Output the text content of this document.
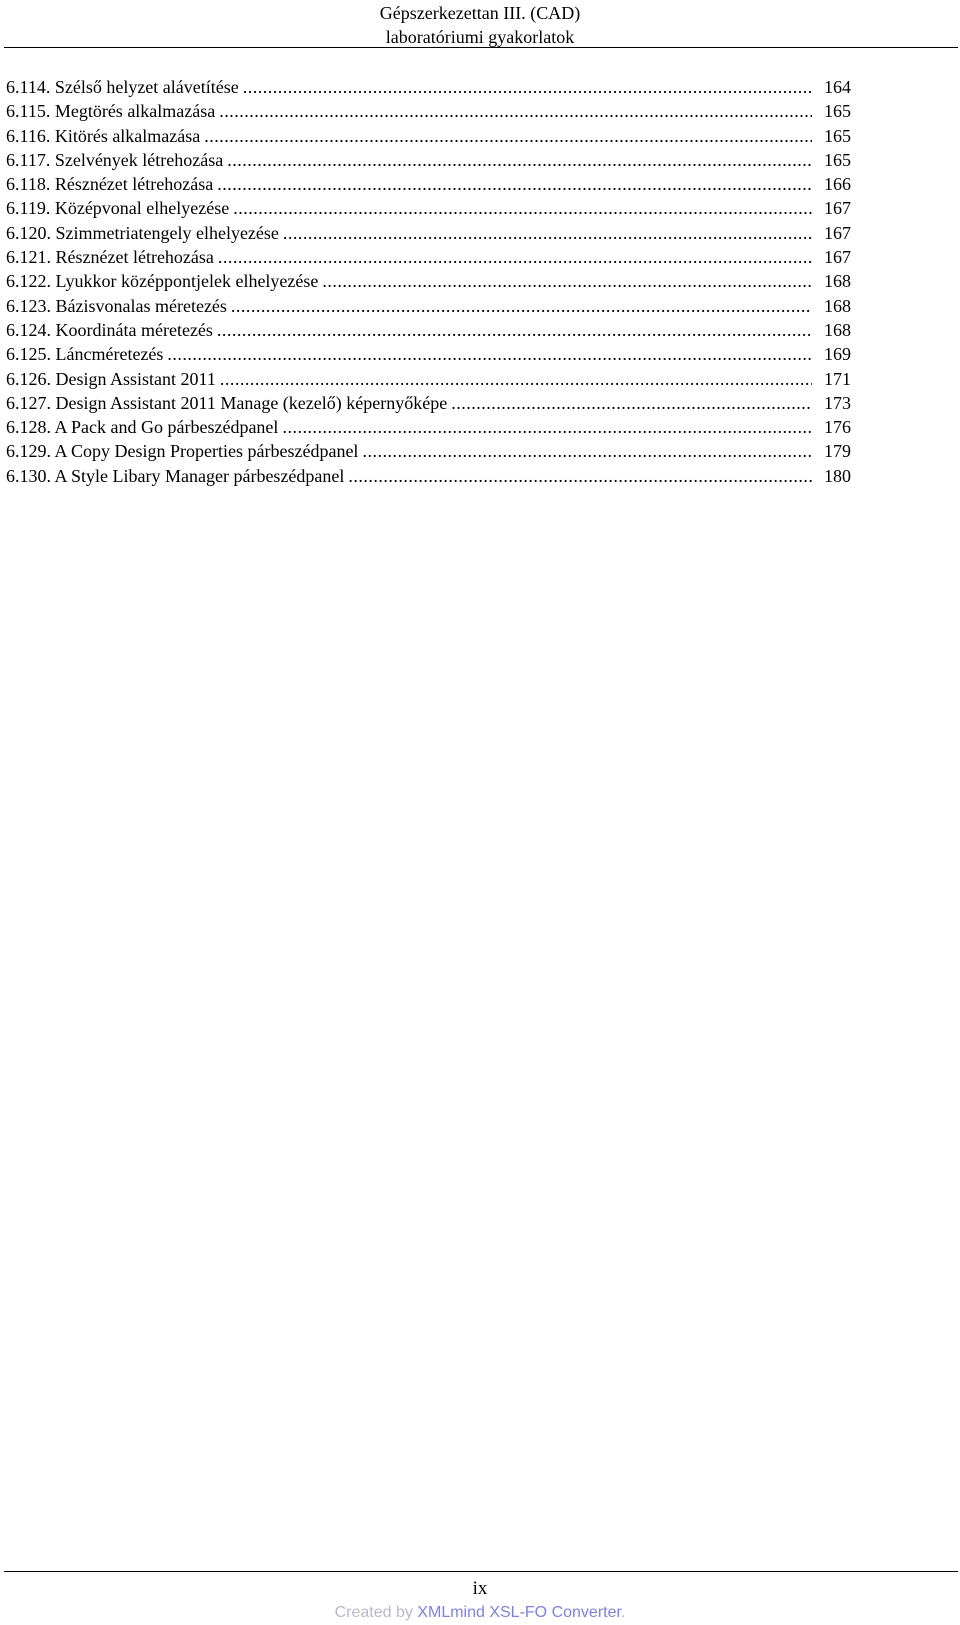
Gépszerkezettan III. (CAD)
laboratóriumi gyakorlatok
6.114. Szélső helyzet alávetítése .....	164
6.115. Megtörés alkalmazása .....	165
6.116. Kitörés alkalmazása .....	165
6.117. Szelvények létrehozása .....	165
6.118. Résznézet létrehozása .....	166
6.119. Középvonal elhelyezése .....	167
6.120. Szimmetriatengely elhelyezése .....	167
6.121. Résznézet létrehozása .....	167
6.122. Lyukkor középpontjelek elhelyezése .....	168
6.123. Bázisvonalas méretezés .....	168
6.124. Koordináta méretezés .....	168
6.125. Láncméretezés .....	169
6.126. Design Assistant 2011 .....	171
6.127. Design Assistant 2011 Manage (kezelő) képernyőképe .....	173
6.128. A Pack and Go párbeszédpanel .....	176
6.129. A Copy Design Properties párbeszédpanel .....	179
6.130. A Style Libary Manager párbeszédpanel .....	180
ix
Created by XMLmind XSL-FO Converter.
